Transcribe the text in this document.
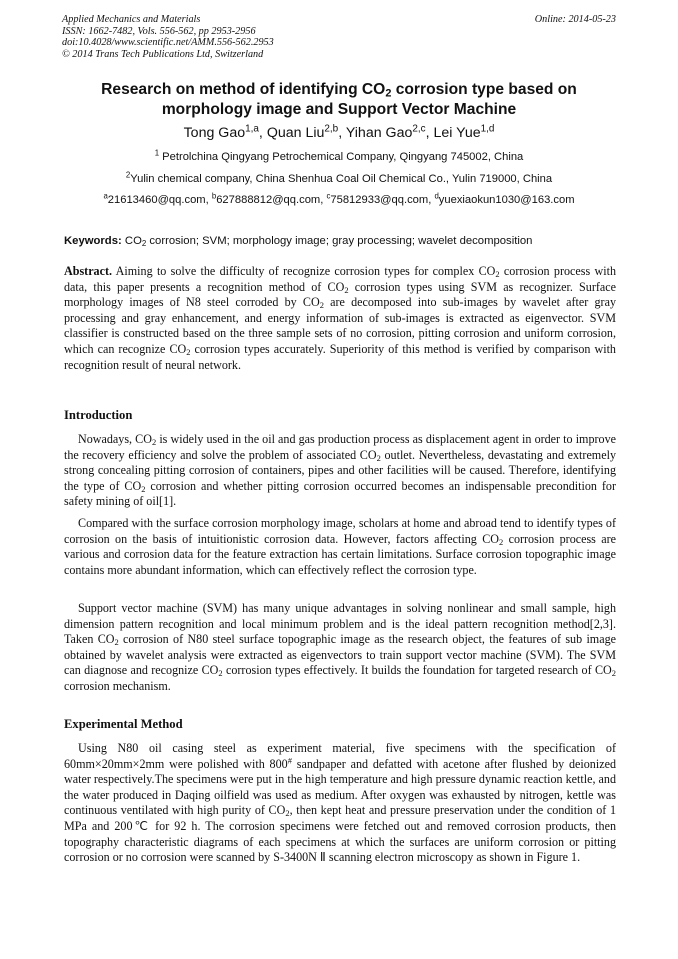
Applied Mechanics and Materials
ISSN: 1662-7482, Vols. 556-562, pp 2953-2956
doi:10.4028/www.scientific.net/AMM.556-562.2953
© 2014 Trans Tech Publications Ltd, Switzerland
Online: 2014-05-23
Research on method of identifying $CO_2$ corrosion type based on
morphology image and Support Vector Machine
Tong Gao$^{1,a}$, Quan Liu$^{2,b}$, Yihan Gao$^{2,c}$, Lei Yue$^{1,d}$
$^1$ Petrolchina Qingyang Petrochemical Company, Qingyang 745002, China
$^2$Yulin chemical company, China Shenhua Coal Oil Chemical Co., Yulin 719000, China
$^a$21613460@qq.com, $^b$627888812@qq.com, $^c$75812933@qq.com, $^d$yuexiaokun1030@163.com
Keywords: $CO_2$ corrosion; SVM; morphology image; gray processing; wavelet decomposition
Abstract. Aiming to solve the difficulty of recognize corrosion types for complex $CO_2$ corrosion process with data, this paper presents a recognition method of $CO_2$ corrosion types using SVM as recognizer. Surface morphology images of N8 steel corroded by $CO_2$ are decomposed into sub-images by wavelet after gray processing and gray enhancement, and energy information of sub-images is extracted as eigenvector. SVM classifier is constructed based on the three sample sets of no corrosion, pitting corrosion and uniform corrosion, which can recognize $CO_2$ corrosion types accurately. Superiority of this method is verified by comparison with recognition result of neural network.
Introduction
Nowadays, $CO_2$ is widely used in the oil and gas production process as displacement agent in order to improve the recovery efficiency and solve the problem of associated $CO_2$ outlet. Nevertheless, devastating and extremely strong concealing pitting corrosion of containers, pipes and other facilities will be caused. Therefore, identifying the type of $CO_2$ corrosion and whether pitting corrosion occurred becomes an indispensable precondition for safety mining of oil[1].
Compared with the surface corrosion morphology image, scholars at home and abroad tend to identify types of corrosion on the basis of intuitionistic corrosion data. However, factors affecting $CO_2$ corrosion process are various and corrosion data for the feature extraction has certain limitations. Surface corrosion topographic image contains more abundant information, which can effectively reflect the corrosion type.
Support vector machine (SVM) has many unique advantages in solving nonlinear and small sample, high dimension pattern recognition and local minimum problem and is the ideal pattern recognition method[2,3]. Taken $CO_2$ corrosion of N80 steel surface topographic image as the research object, the features of sub image obtained by wavelet analysis were extracted as eigenvectors to train support vector machine (SVM). The SVM can diagnose and recognize $CO_2$ corrosion types effectively. It builds the foundation for targeted research of $CO_2$ corrosion mechanism.
Experimental Method
Using N80 oil casing steel as experiment material, five specimens with the specification of 60mm×20mm×2mm were polished with 800# sandpaper and defatted with acetone after flushed by deionized water respectively.The specimens were put in the high temperature and high pressure dynamic reaction kettle, and the water produced in Daqing oilfield was used as medium. After oxygen was exhausted by nitrogen, kettle was continuous ventilated with high purity of $CO_2$, then kept heat and pressure preservation under the condition of 1 MPa and 200℃ for 92 h. The corrosion specimens were fetched out and removed corrosion products, then topography characteristic diagrams of each specimens at which the surfaces are uniform corrosion or pitting corrosion or no corrosion were scanned by S-3400N Ⅱ scanning electron microscopy as shown in Figure 1.
